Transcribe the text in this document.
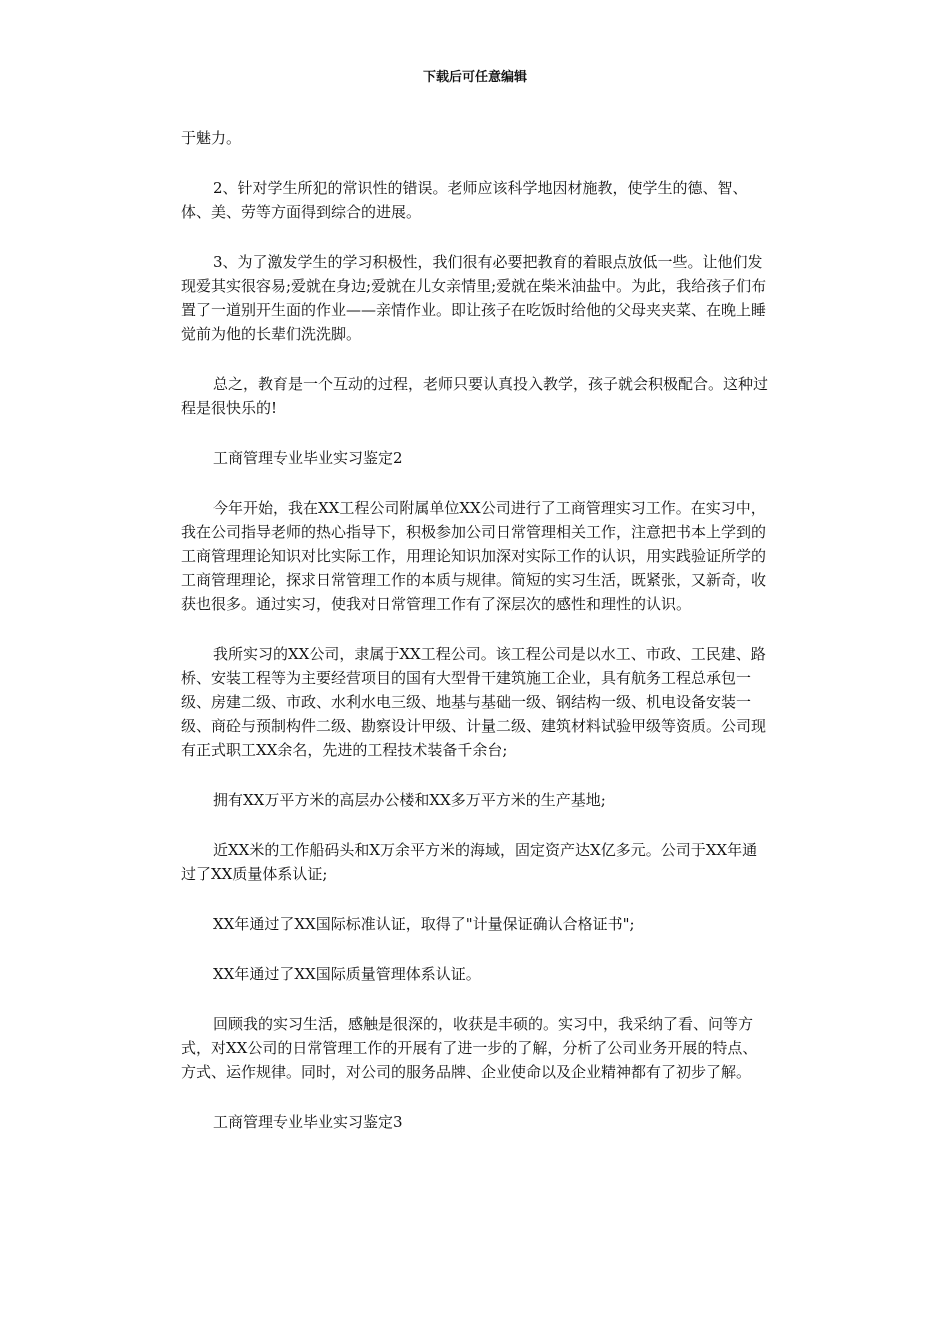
下载后可任意编辑

于魅力。

2、针对学生所犯的常识性的错误。老师应该科学地因材施教，使学生的德、智、体、美、劳等方面得到综合的进展。

3、为了激发学生的学习积极性，我们很有必要把教育的着眼点放低一些。让他们发现爱其实很容易;爱就在身边;爱就在儿女亲情里;爱就在柴米油盐中。为此，我给孩子们布置了一道别开生面的作业——亲情作业。即让孩子在吃饭时给他的父母夹夹菜、在晚上睡觉前为他的长辈们洗洗脚。

总之，教育是一个互动的过程，老师只要认真投入教学，孩子就会积极配合。这种过程是很快乐的!

工商管理专业毕业实习鉴定2

今年开始，我在XX工程公司附属单位XX公司进行了工商管理实习工作。在实习中，我在公司指导老师的热心指导下，积极参加公司日常管理相关工作，注意把书本上学到的工商管理理论知识对比实际工作，用理论知识加深对实际工作的认识，用实践验证所学的工商管理理论，探求日常管理工作的本质与规律。简短的实习生活，既紧张，又新奇，收获也很多。通过实习，使我对日常管理工作有了深层次的感性和理性的认识。

我所实习的XX公司，隶属于XX工程公司。该工程公司是以水工、市政、工民建、路桥、安装工程等为主要经营项目的国有大型骨干建筑施工企业，具有航务工程总承包一级、房建二级、市政、水利水电三级、地基与基础一级、钢结构一级、机电设备安装一级、商砼与预制构件二级、勘察设计甲级、计量二级、建筑材料试验甲级等资质。公司现有正式职工XX余名，先进的工程技术装备千余台;

拥有XX万平方米的高层办公楼和XX多万平方米的生产基地;

近XX米的工作船码头和X万余平方米的海域，固定资产达X亿多元。公司于XX年通过了XX质量体系认证;

XX年通过了XX国际标准认证，取得了"计量保证确认合格证书";

XX年通过了XX国际质量管理体系认证。

回顾我的实习生活，感触是很深的，收获是丰硕的。实习中，我采纳了看、问等方式，对XX公司的日常管理工作的开展有了进一步的了解，分析了公司业务开展的特点、方式、运作规律。同时，对公司的服务品牌、企业使命以及企业精神都有了初步了解。

工商管理专业毕业实习鉴定3
